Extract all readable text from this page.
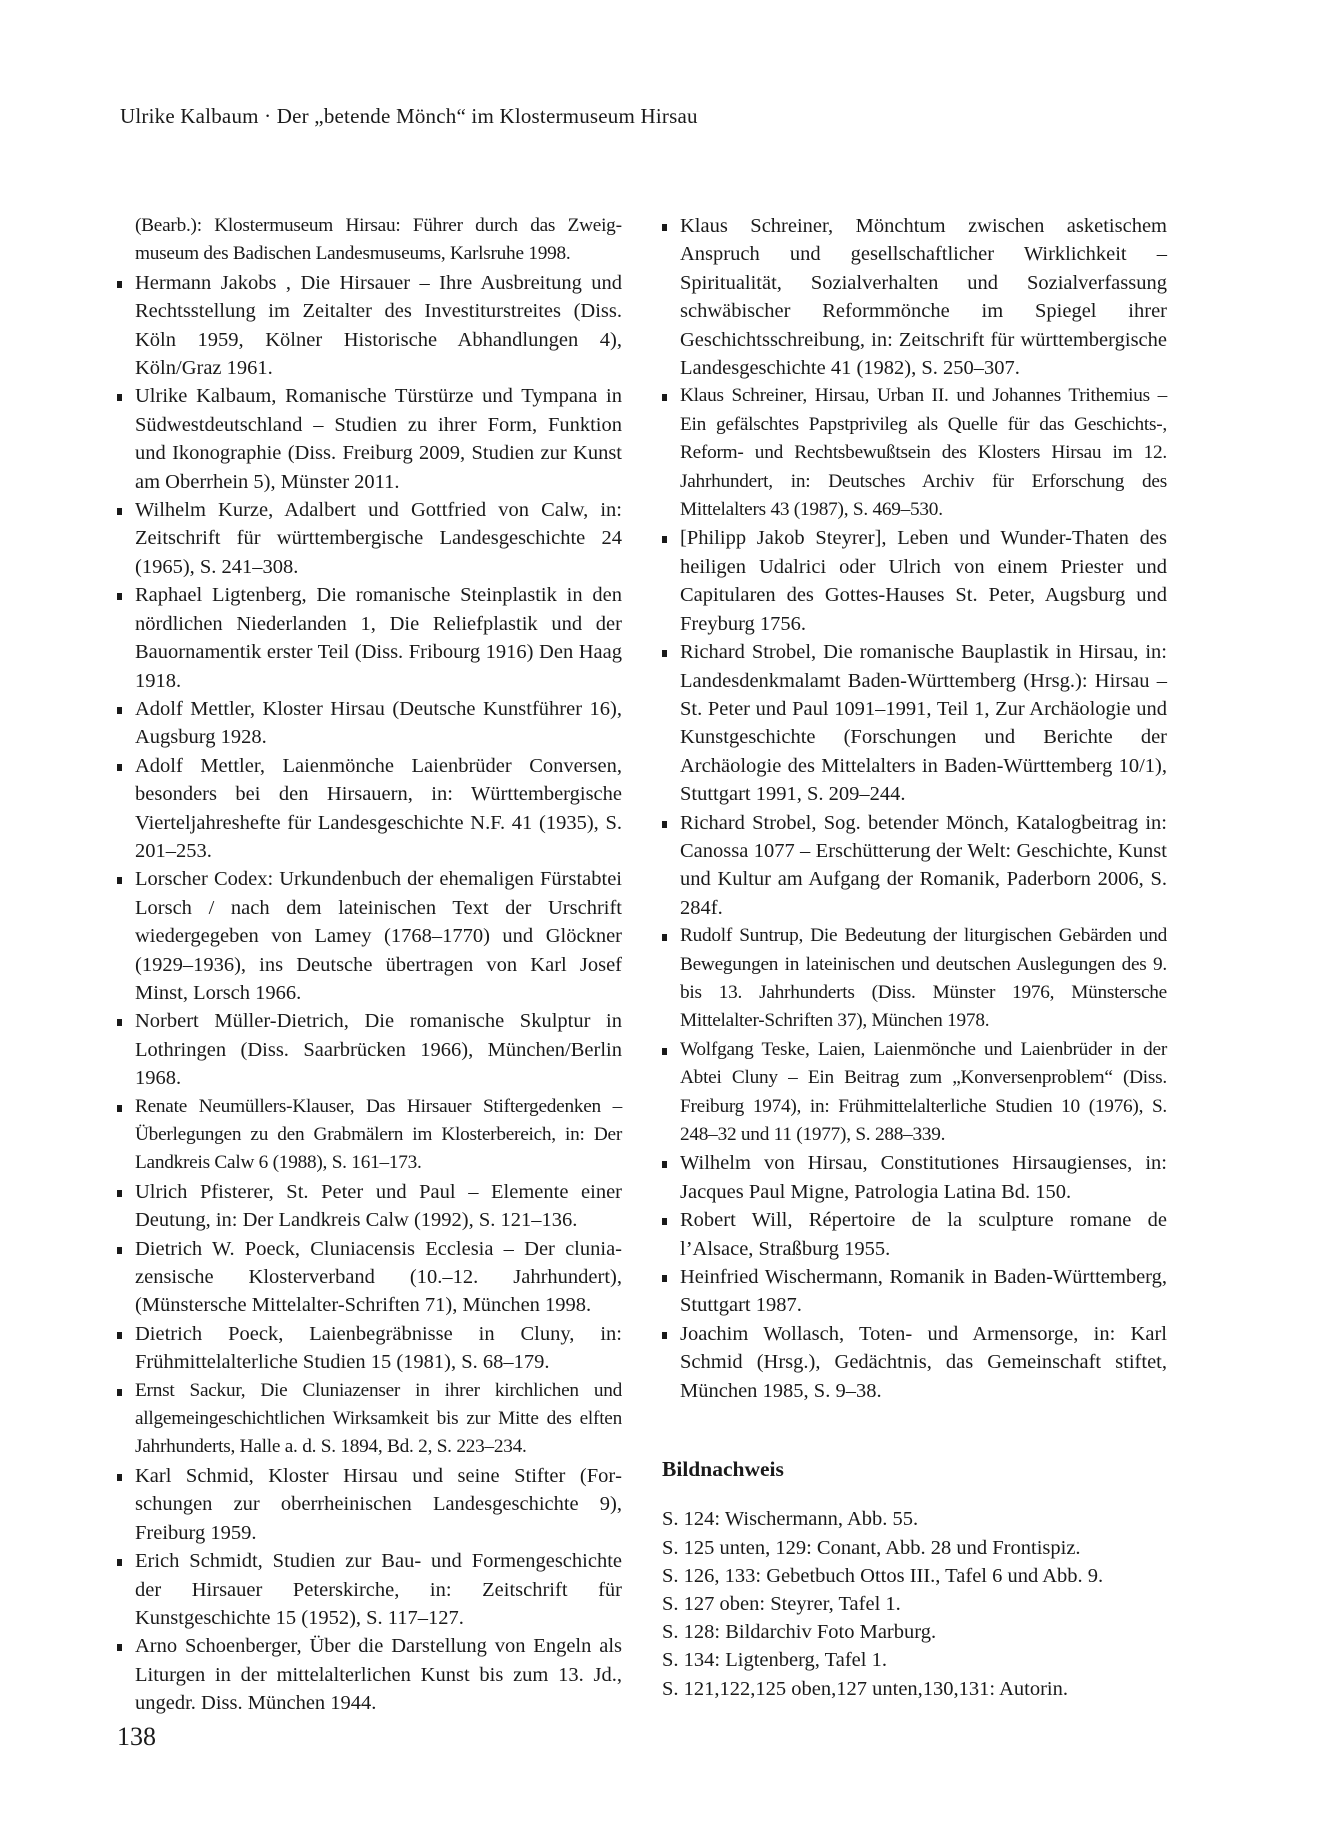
Ulrike Kalbaum · Der „betende Mönch“ im Klostermuseum Hirsau
(Bearb.): Klostermuseum Hirsau: Führer durch das Zweigmuseum des Badischen Landesmuseums, Karlsruhe 1998.
Hermann Jakobs , Die Hirsauer – Ihre Ausbreitung und Rechtsstellung im Zeitalter des Investiturstreites (Diss. Köln 1959, Kölner Historische Abhandlungen 4), Köln/Graz 1961.
Ulrike Kalbaum, Romanische Türstürze und Tympana in Südwestdeutschland – Studien zu ihrer Form, Funktion und Ikonographie (Diss. Freiburg 2009, Studien zur Kunst am Oberrhein 5), Münster 2011.
Wilhelm Kurze, Adalbert und Gottfried von Calw, in: Zeitschrift für württembergische Landesgeschichte 24 (1965), S. 241–308.
Raphael Ligtenberg, Die romanische Steinplastik in den nördlichen Niederlanden 1, Die Reliefplastik und der Bauornamentik erster Teil (Diss. Fribourg 1916) Den Haag 1918.
Adolf Mettler, Kloster Hirsau (Deutsche Kunstführer 16), Augsburg 1928.
Adolf Mettler, Laienmönche Laienbrüder Conversen, besonders bei den Hirsauern, in: Württembergische Vierteljahreshefte für Landesgeschichte N.F. 41 (1935), S. 201–253.
Lorscher Codex: Urkundenbuch der ehemaligen Fürstabtei Lorsch / nach dem lateinischen Text der Urschrift wiedergegeben von Lamey (1768–1770) und Glöckner (1929–1936), ins Deutsche übertragen von Karl Josef Minst, Lorsch 1966.
Norbert Müller-Dietrich, Die romanische Skulptur in Lothringen (Diss. Saarbrücken 1966), München/Berlin 1968.
Renate Neumüllers-Klauser, Das Hirsauer Stiftergedenken – Überlegungen zu den Grabmälern im Klosterbereich, in: Der Landkreis Calw 6 (1988), S. 161–173.
Ulrich Pfisterer, St. Peter und Paul – Elemente einer Deutung, in: Der Landkreis Calw (1992), S. 121–136.
Dietrich W. Poeck, Cluniacensis Ecclesia – Der cluniazensische Klosterverband (10.–12. Jahrhundert), (Münstersche Mittelalter-Schriften 71), München 1998.
Dietrich Poeck, Laienbegräbnisse in Cluny, in: Frühmittelalterliche Studien 15 (1981), S. 68–179.
Ernst Sackur, Die Cluniazenser in ihrer kirchlichen und allgemeingeschichtlichen Wirksamkeit bis zur Mitte des elften Jahrhunderts, Halle a. d. S. 1894, Bd. 2, S. 223–234.
Karl Schmid, Kloster Hirsau und seine Stifter (Forschungen zur oberrheinischen Landesgeschichte 9), Freiburg 1959.
Erich Schmidt, Studien zur Bau- und Formengeschichte der Hirsauer Peterskirche, in: Zeitschrift für Kunstgeschichte 15 (1952), S. 117–127.
Arno Schoenberger, Über die Darstellung von Engeln als Liturgen in der mittelalterlichen Kunst bis zum 13. Jd., ungedr. Diss. München 1944.
Klaus Schreiner, Mönchtum zwischen asketischem Anspruch und gesellschaftlicher Wirklichkeit – Spiritualität, Sozialverhalten und Sozialverfassung schwäbischer Reformmönche im Spiegel ihrer Geschichtsschreibung, in: Zeitschrift für württembergische Landesgeschichte 41 (1982), S. 250–307.
Klaus Schreiner, Hirsau, Urban II. und Johannes Trithemius – Ein gefälschtes Papstprivileg als Quelle für das Geschichts-, Reform- und Rechtsbewußtsein des Klosters Hirsau im 12. Jahrhundert, in: Deutsches Archiv für Erforschung des Mittelalters 43 (1987), S. 469–530.
[Philipp Jakob Steyrer], Leben und Wunder-Thaten des heiligen Udalrici oder Ulrich von einem Priester und Capitularen des Gottes-Hauses St. Peter, Augsburg und Freyburg 1756.
Richard Strobel, Die romanische Bauplastik in Hirsau, in: Landesdenkmalamt Baden-Württemberg (Hrsg.): Hirsau – St. Peter und Paul 1091–1991, Teil 1, Zur Archäologie und Kunstgeschichte (Forschungen und Berichte der Archäologie des Mittelalters in Baden-Württemberg 10/1), Stuttgart 1991, S. 209–244.
Richard Strobel, Sog. betender Mönch, Katalogbeitrag in: Canossa 1077 – Erschütterung der Welt: Geschichte, Kunst und Kultur am Aufgang der Romanik, Paderborn 2006, S. 284f.
Rudolf Suntrup, Die Bedeutung der liturgischen Gebärden und Bewegungen in lateinischen und deutschen Auslegungen des 9. bis 13. Jahrhunderts (Diss. Münster 1976, Münstersche Mittelalter-Schriften 37), München 1978.
Wolfgang Teske, Laien, Laienmönche und Laienbrüder in der Abtei Cluny – Ein Beitrag zum „Konversenproblem“ (Diss. Freiburg 1974), in: Frühmittelalterliche Studien 10 (1976), S. 248–32 und 11 (1977), S. 288–339.
Wilhelm von Hirsau, Constitutiones Hirsaugienses, in: Jacques Paul Migne, Patrologia Latina Bd. 150.
Robert Will, Répertoire de la sculpture romane de l’Alsace, Straßburg 1955.
Heinfried Wischermann, Romanik in Baden-Württemberg, Stuttgart 1987.
Joachim Wollasch, Toten- und Armensorge, in: Karl Schmid (Hrsg.), Gedächtnis, das Gemeinschaft stiftet, München 1985, S. 9–38.
Bildnachweis
S. 124: Wischermann, Abb. 55.
S. 125 unten, 129: Conant, Abb. 28 und Frontispiz.
S. 126, 133: Gebetbuch Ottos III., Tafel 6 und Abb. 9.
S. 127 oben: Steyrer, Tafel 1.
S. 128: Bildarchiv Foto Marburg.
S. 134: Ligtenberg, Tafel 1.
S. 121,122,125 oben,127 unten,130,131: Autorin.
138
